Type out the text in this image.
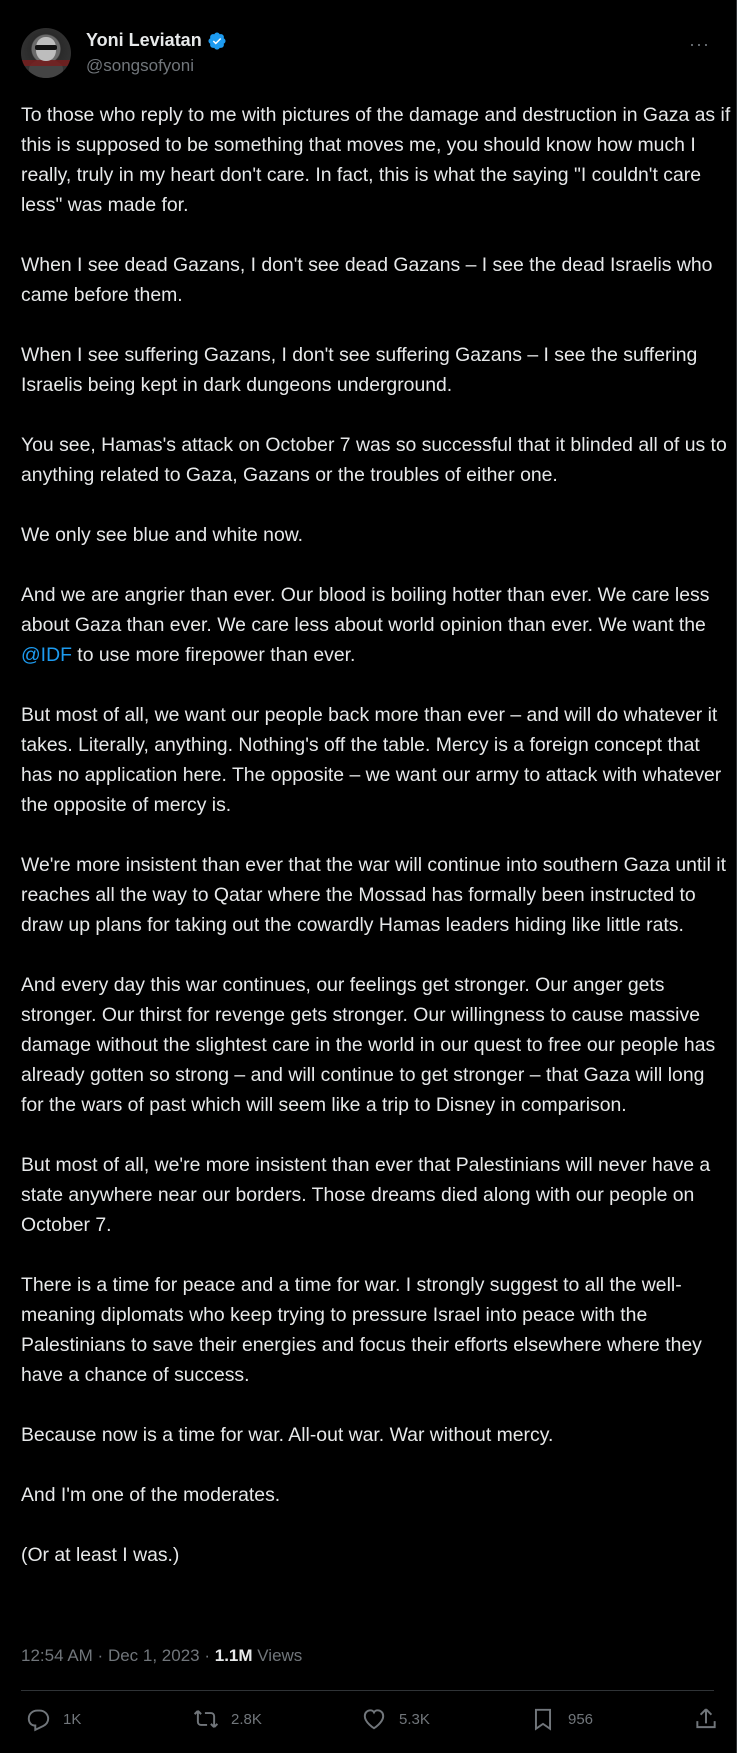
Yoni Leviatan
@songsofyoni
···

To those who reply to me with pictures of the damage and destruction in Gaza as if this is supposed to be something that moves me, you should know how much I really, truly in my heart don't care. In fact, this is what the saying "I couldn't care less" was made for.

When I see dead Gazans, I don't see dead Gazans – I see the dead Israelis who came before them.

When I see suffering Gazans, I don't see suffering Gazans – I see the suffering Israelis being kept in dark dungeons underground.

You see, Hamas's attack on October 7 was so successful that it blinded all of us to anything related to Gaza, Gazans or the troubles of either one.

We only see blue and white now.

And we are angrier than ever. Our blood is boiling hotter than ever. We care less about Gaza than ever. We care less about world opinion than ever. We want the @IDF to use more firepower than ever.

But most of all, we want our people back more than ever – and will do whatever it takes. Literally, anything. Nothing's off the table. Mercy is a foreign concept that has no application here. The opposite – we want our army to attack with whatever the opposite of mercy is.

We're more insistent than ever that the war will continue into southern Gaza until it reaches all the way to Qatar where the Mossad has formally been instructed to draw up plans for taking out the cowardly Hamas leaders hiding like little rats.

And every day this war continues, our feelings get stronger. Our anger gets stronger. Our thirst for revenge gets stronger. Our willingness to cause massive damage without the slightest care in the world in our quest to free our people has already gotten so strong – and will continue to get stronger – that Gaza will long for the wars of past which will seem like a trip to Disney in comparison.

But most of all, we're more insistent than ever that Palestinians will never have a state anywhere near our borders. Those dreams died along with our people on October 7.

There is a time for peace and a time for war. I strongly suggest to all the well-meaning diplomats who keep trying to pressure Israel into peace with the Palestinians to save their energies and focus their efforts elsewhere where they have a chance of success.

Because now is a time for war. All-out war. War without mercy.

And I'm one of the moderates.

(Or at least I was.)

12:54 AM · Dec 1, 2023 · 1.1M Views
1K	2.8K	5.3K	956
